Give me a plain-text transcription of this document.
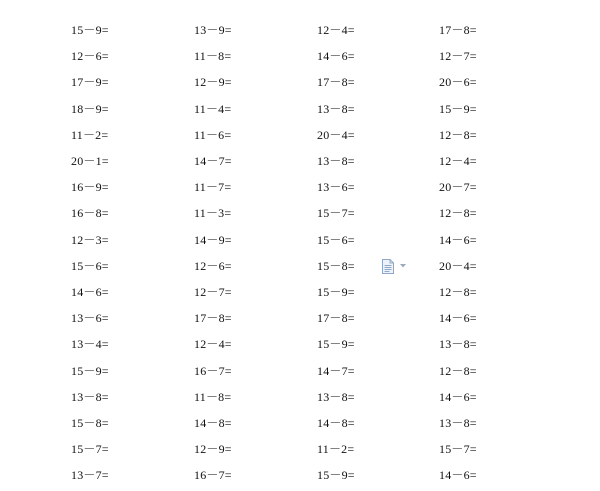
15－9=	13－9=	12－4=	17－8=
12－6=	11－8=	14－6=	12－7=
17－9=	12－9=	17－8=	20－6=
18－9=	11－4=	13－8=	15－9=
11－2=	11－6=	20－4=	12－8=
20－1=	14－7=	13－8=	12－4=
16－9=	11－7=	13－6=	20－7=
16－8=	11－3=	15－7=	12－8=
12－3=	14－9=	15－6=	14－6=
15－6=	12－6=	15－8=	20－4=
14－6=	12－7=	15－9=	12－8=
13－6=	17－8=	17－8=	14－6=
13－4=	12－4=	15－9=	13－8=
15－9=	16－7=	14－7=	12－8=
13－8=	11－8=	13－8=	14－6=
15－8=	14－8=	14－8=	13－8=
15－7=	12－9=	11－2=	15－7=
13－7=	16－7=	15－9=	14－6=
